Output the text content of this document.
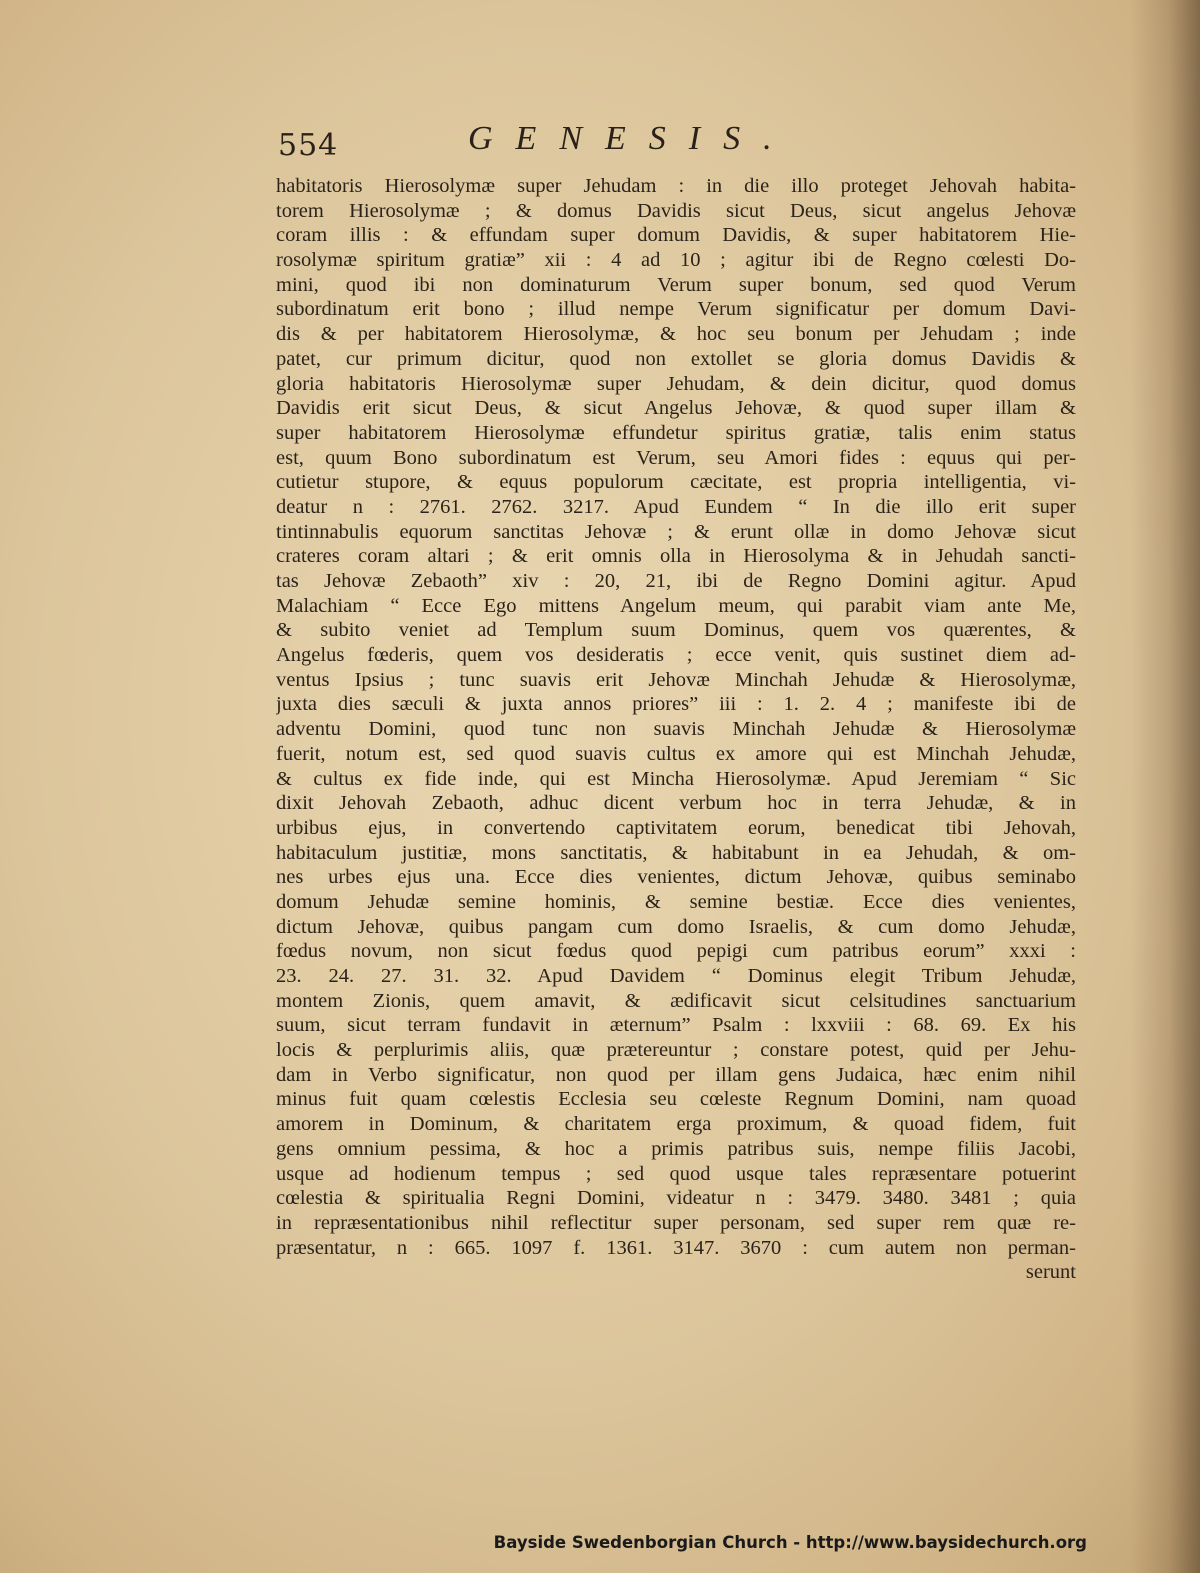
554	GENESIS.
habitatoris Hierosolymæ super Jehudam : in die illo proteget Jehovah habita-
torem Hierosolymæ ; & domus Davidis sicut Deus, sicut angelus Jehovæ
coram illis : & effundam super domum Davidis, & super habitatorem Hie-
rosolymæ spiritum gratiæ” xii : 4 ad 10 ; agitur ibi de Regno cœlesti Do-
mini, quod ibi non dominaturum Verum super bonum, sed quod Verum
subordinatum erit bono ; illud nempe Verum significatur per domum Davi-
dis & per habitatorem Hierosolymæ, & hoc seu bonum per Jehudam ; inde
patet, cur primum dicitur, quod non extollet se gloria domus Davidis &
gloria habitatoris Hierosolymæ super Jehudam, & dein dicitur, quod domus
Davidis erit sicut Deus, & sicut Angelus Jehovæ, & quod super illam &
super habitatorem Hierosolymæ effundetur spiritus gratiæ, talis enim status
est, quum Bono subordinatum est Verum, seu Amori fides : equus qui per-
cutietur stupore, & equus populorum cæcitate, est propria intelligentia, vi-
deatur n : 2761. 2762. 3217. Apud Eundem “ In die illo erit super
tintinnabulis equorum sanctitas Jehovæ ; & erunt ollæ in domo Jehovæ sicut
crateres coram altari ; & erit omnis olla in Hierosolyma & in Jehudah sancti-
tas Jehovæ Zebaoth” xiv : 20, 21, ibi de Regno Domini agitur. Apud
Malachiam “ Ecce Ego mittens Angelum meum, qui parabit viam ante Me,
& subito veniet ad Templum suum Dominus, quem vos quærentes, &
Angelus fœderis, quem vos desideratis ; ecce venit, quis sustinet diem ad-
ventus Ipsius ; tunc suavis erit Jehovæ Minchah Jehudæ & Hierosolymæ,
juxta dies sæculi & juxta annos priores” iii : 1. 2. 4 ; manifeste ibi de
adventu Domini, quod tunc non suavis Minchah Jehudæ & Hierosolymæ
fuerit, notum est, sed quod suavis cultus ex amore qui est Minchah Jehudæ,
& cultus ex fide inde, qui est Mincha Hierosolymæ. Apud Jeremiam “ Sic
dixit Jehovah Zebaoth, adhuc dicent verbum hoc in terra Jehudæ, & in
urbibus ejus, in convertendo captivitatem eorum, benedicat tibi Jehovah,
habitaculum justitiæ, mons sanctitatis, & habitabunt in ea Jehudah, & om-
nes urbes ejus una. Ecce dies venientes, dictum Jehovæ, quibus seminabo
domum Jehudæ semine hominis, & semine bestiæ. Ecce dies venientes,
dictum Jehovæ, quibus pangam cum domo Israelis, & cum domo Jehudæ,
fœdus novum, non sicut fœdus quod pepigi cum patribus eorum” xxxi :
23. 24. 27. 31. 32. Apud Davidem “ Dominus elegit Tribum Jehudæ,
montem Zionis, quem amavit, & ædificavit sicut celsitudines sanctuarium
suum, sicut terram fundavit in æternum” Psalm : lxxviii : 68. 69. Ex his
locis & perplurimis aliis, quæ prætereuntur ; constare potest, quid per Jehu-
dam in Verbo significatur, non quod per illam gens Judaica, hæc enim nihil
minus fuit quam cœlestis Ecclesia seu cœleste Regnum Domini, nam quoad
amorem in Dominum, & charitatem erga proximum, & quoad fidem, fuit
gens omnium pessima, & hoc a primis patribus suis, nempe filiis Jacobi,
usque ad hodienum tempus ; sed quod usque tales repræsentare potuerint
cœlestia & spiritualia Regni Domini, videatur n : 3479. 3480. 3481 ; quia
in repræsentationibus nihil reflectitur super personam, sed super rem quæ re-
præsentatur, n : 665. 1097 f. 1361. 3147. 3670 : cum autem non perman-
serunt
Bayside Swedenborgian Church - http://www.baysidechurch.org
